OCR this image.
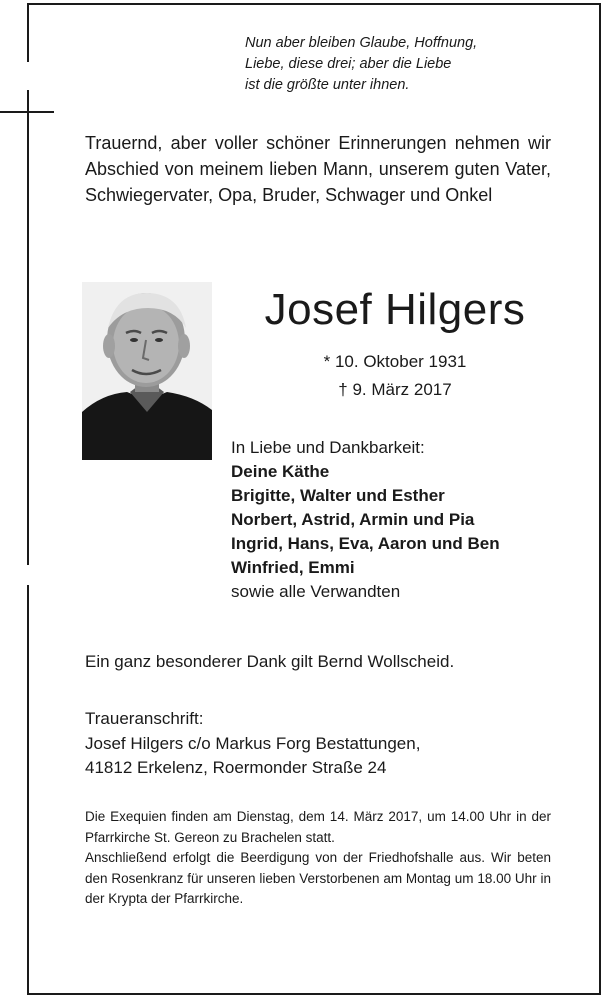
Nun aber bleiben Glaube, Hoffnung,
Liebe, diese drei; aber die Liebe
ist die größte unter ihnen.
Trauernd, aber voller schöner Erinnerungen nehmen wir Abschied von meinem lieben Mann, unserem guten Vater, Schwiegervater, Opa, Bruder, Schwager und Onkel
Josef Hilgers
* 10. Oktober 1931
† 9. März 2017
In Liebe und Dankbarkeit:
Deine Käthe
Brigitte, Walter und Esther
Norbert, Astrid, Armin und Pia
Ingrid, Hans, Eva, Aaron und Ben
Winfried, Emmi
sowie alle Verwandten
Ein ganz besonderer Dank gilt Bernd Wollscheid.
Traueranschrift:
Josef Hilgers c/o Markus Forg Bestattungen,
41812 Erkelenz, Roermonder Straße 24
Die Exequien finden am Dienstag, dem 14. März 2017, um 14.00 Uhr in der Pfarrkirche St. Gereon zu Brachelen statt.
Anschließend erfolgt die Beerdigung von der Friedhofshalle aus. Wir beten den Rosenkranz für unseren lieben Verstorbenen am Montag um 18.00 Uhr in der Krypta der Pfarrkirche.
